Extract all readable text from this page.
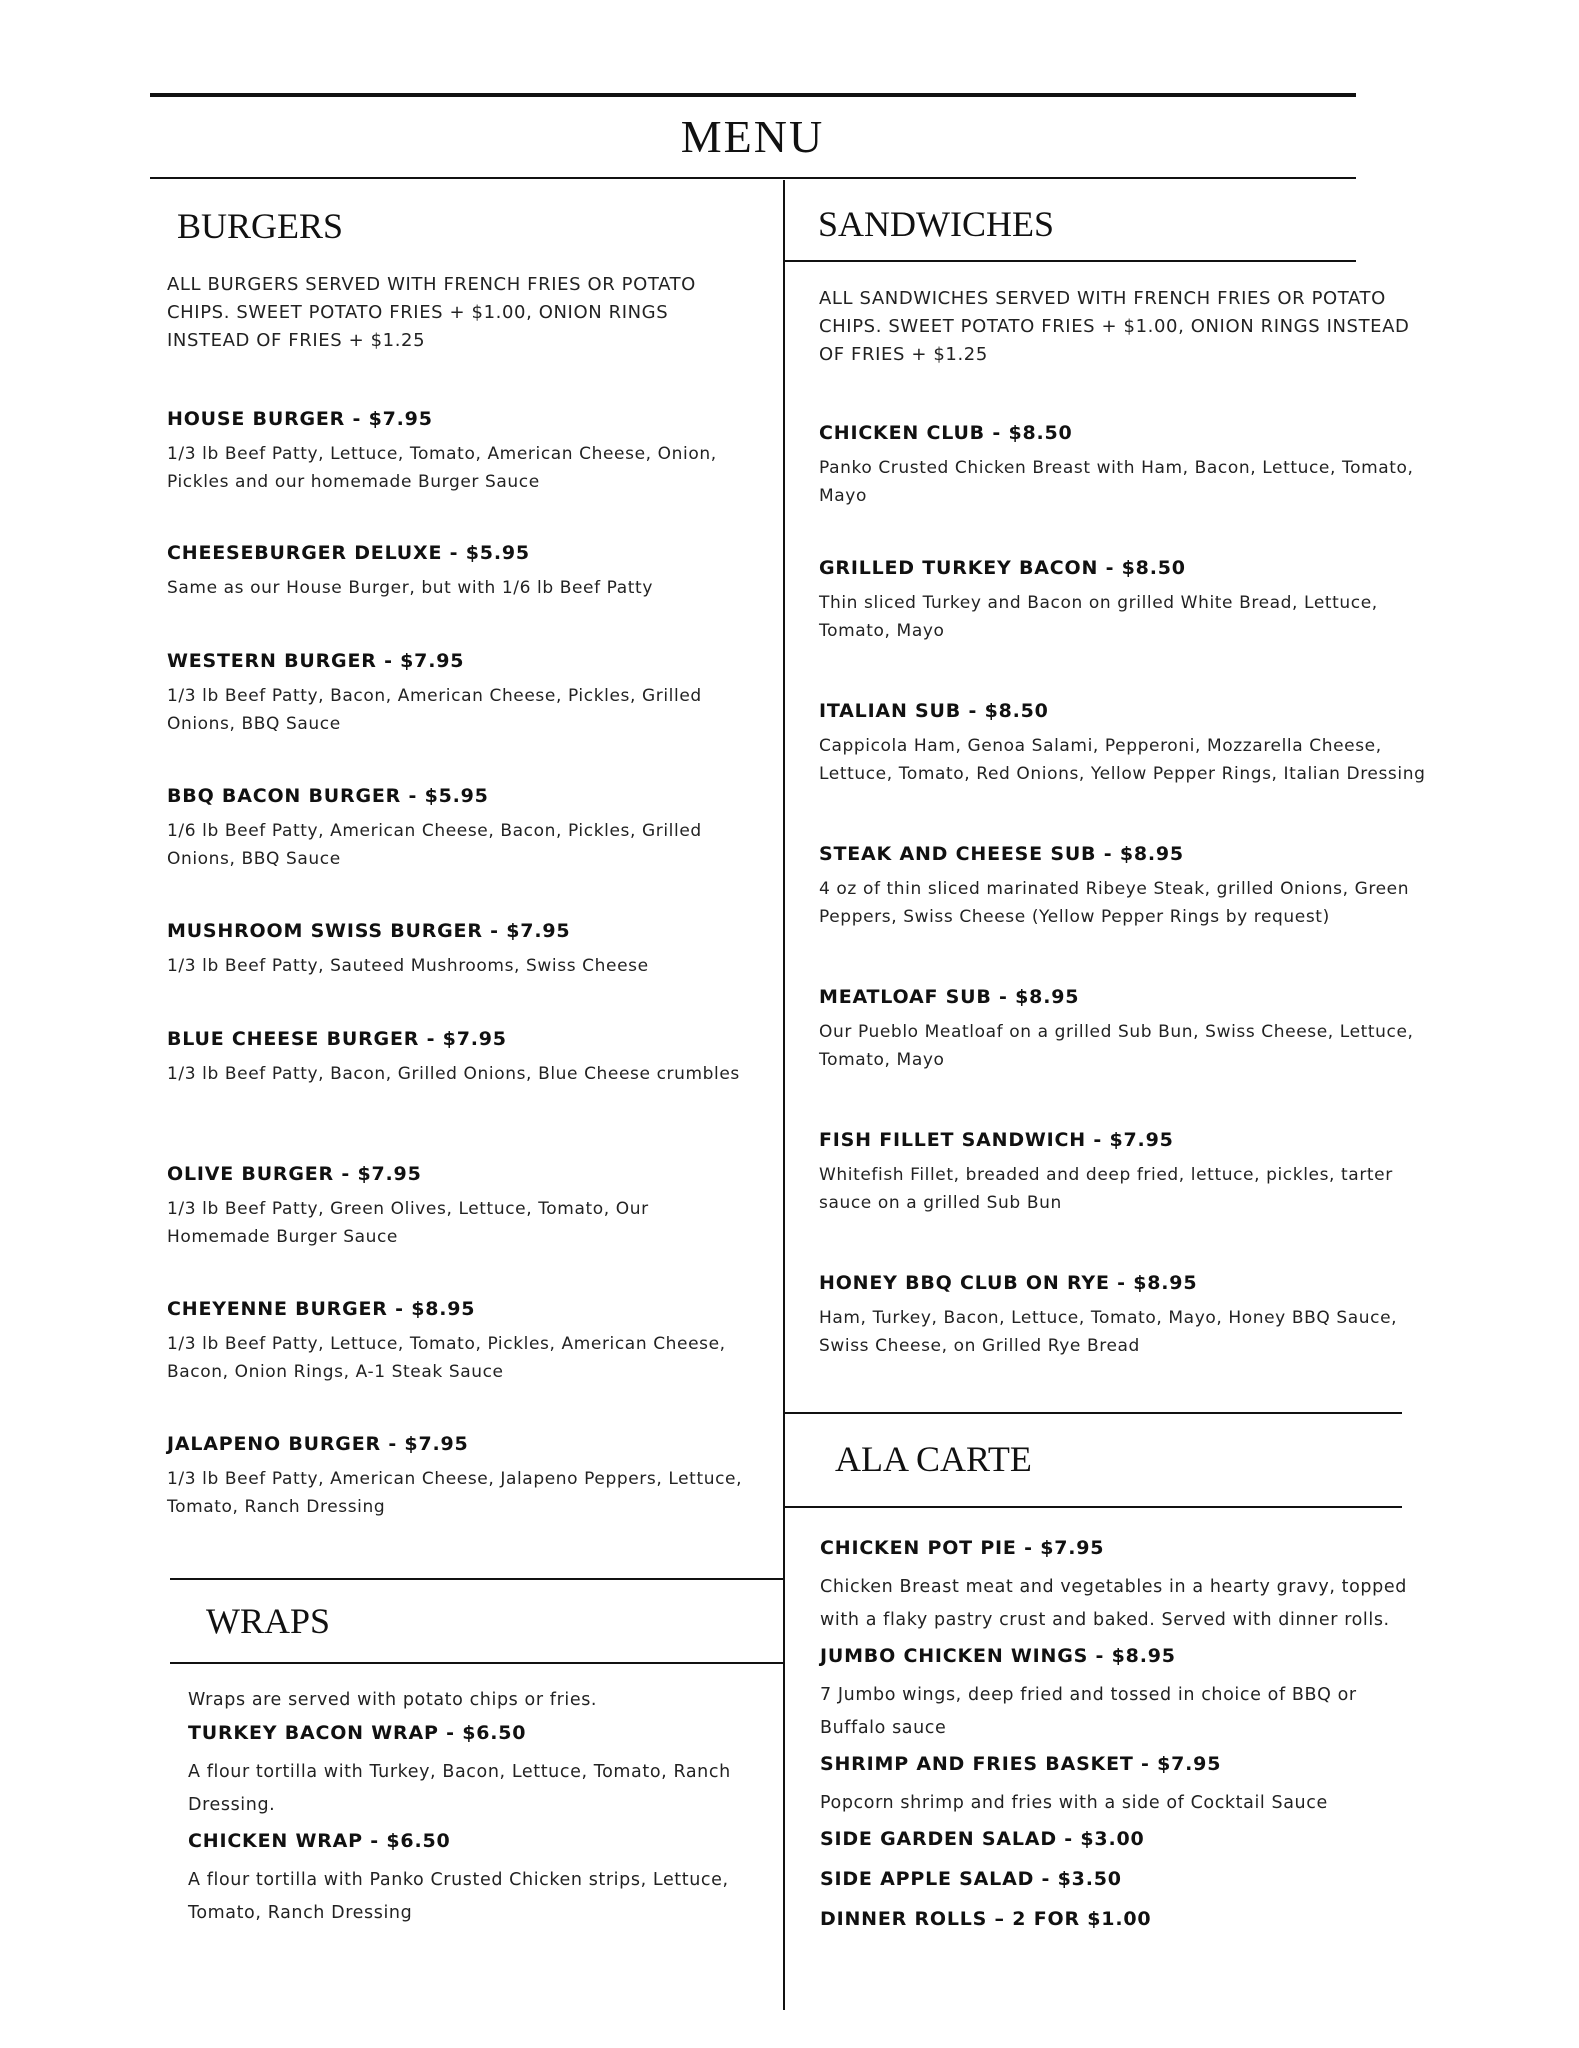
MENU
BURGERS	SANDWICHES
WRAPS
ALA CARTE

ALL BURGERS SERVED WITH FRENCH FRIES OR POTATO CHIPS. SWEET POTATO FRIES + $1.00, ONION RINGS INSTEAD OF FRIES + $1.25

HOUSE BURGER - $7.95

1/3 lb Beef Patty, Lettuce, Tomato, American Cheese, Onion, Pickles and our homemade Burger Sauce

CHEESEBURGER DELUXE - $5.95

Same as our House Burger, but with 1/6 lb Beef Patty

WESTERN BURGER - $7.95

1/3 lb Beef Patty, Bacon, American Cheese, Pickles, Grilled Onions, BBQ Sauce

BBQ BACON BURGER - $5.95

1/6 lb Beef Patty, American Cheese, Bacon, Pickles, Grilled Onions, BBQ Sauce

MUSHROOM SWISS BURGER - $7.95

1/3 lb Beef Patty, Sauteed Mushrooms, Swiss Cheese

BLUE CHEESE BURGER - $7.95

1/3 lb Beef Patty, Bacon, Grilled Onions, Blue Cheese crumbles

OLIVE BURGER - $7.95

1/3 lb Beef Patty, Green Olives, Lettuce, Tomato, Our Homemade Burger Sauce

CHEYENNE BURGER - $8.95

1/3 lb Beef Patty, Lettuce, Tomato, Pickles, American Cheese, Bacon, Onion Rings, A-1 Steak Sauce

JALAPENO BURGER - $7.95

1/3 lb Beef Patty, American Cheese, Jalapeno Peppers, Lettuce, Tomato, Ranch Dressing

ALL SANDWICHES SERVED WITH FRENCH FRIES OR POTATO CHIPS. SWEET POTATO FRIES + $1.00, ONION RINGS INSTEAD OF FRIES + $1.25

CHICKEN CLUB - $8.50

Panko Crusted Chicken Breast with Ham, Bacon, Lettuce, Tomato, Mayo

GRILLED TURKEY BACON - $8.50

Thin sliced Turkey and Bacon on grilled White Bread, Lettuce, Tomato, Mayo

ITALIAN SUB - $8.50

Cappicola Ham, Genoa Salami, Pepperoni, Mozzarella Cheese, Lettuce, Tomato, Red Onions, Yellow Pepper Rings, Italian Dressing

STEAK AND CHEESE SUB - $8.95

4 oz of thin sliced marinated Ribeye Steak, grilled Onions, Green Peppers, Swiss Cheese (Yellow Pepper Rings by request)

MEATLOAF SUB - $8.95

Our Pueblo Meatloaf on a grilled Sub Bun, Swiss Cheese, Lettuce, Tomato, Mayo

FISH FILLET SANDWICH - $7.95

Whitefish Fillet, breaded and deep fried, lettuce, pickles, tarter sauce on a grilled Sub Bun

HONEY BBQ CLUB ON RYE - $8.95

Ham, Turkey, Bacon, Lettuce, Tomato, Mayo, Honey BBQ Sauce, Swiss Cheese, on Grilled Rye Bread

Wraps are served with potato chips or fries.

TURKEY BACON WRAP - $6.50

A flour tortilla with Turkey, Bacon, Lettuce, Tomato, Ranch Dressing.

CHICKEN WRAP - $6.50

A flour tortilla with Panko Crusted Chicken strips, Lettuce, Tomato, Ranch Dressing

CHICKEN POT PIE - $7.95

Chicken Breast meat and vegetables in a hearty gravy, topped with a flaky pastry crust and baked. Served with dinner rolls.

JUMBO CHICKEN WINGS - $8.95

7 Jumbo wings, deep fried and tossed in choice of BBQ or Buffalo sauce

SHRIMP AND FRIES BASKET - $7.95

Popcorn shrimp and fries with a side of Cocktail Sauce

SIDE GARDEN SALAD - $3.00

SIDE APPLE SALAD - $3.50

DINNER ROLLS – 2 FOR $1.00
